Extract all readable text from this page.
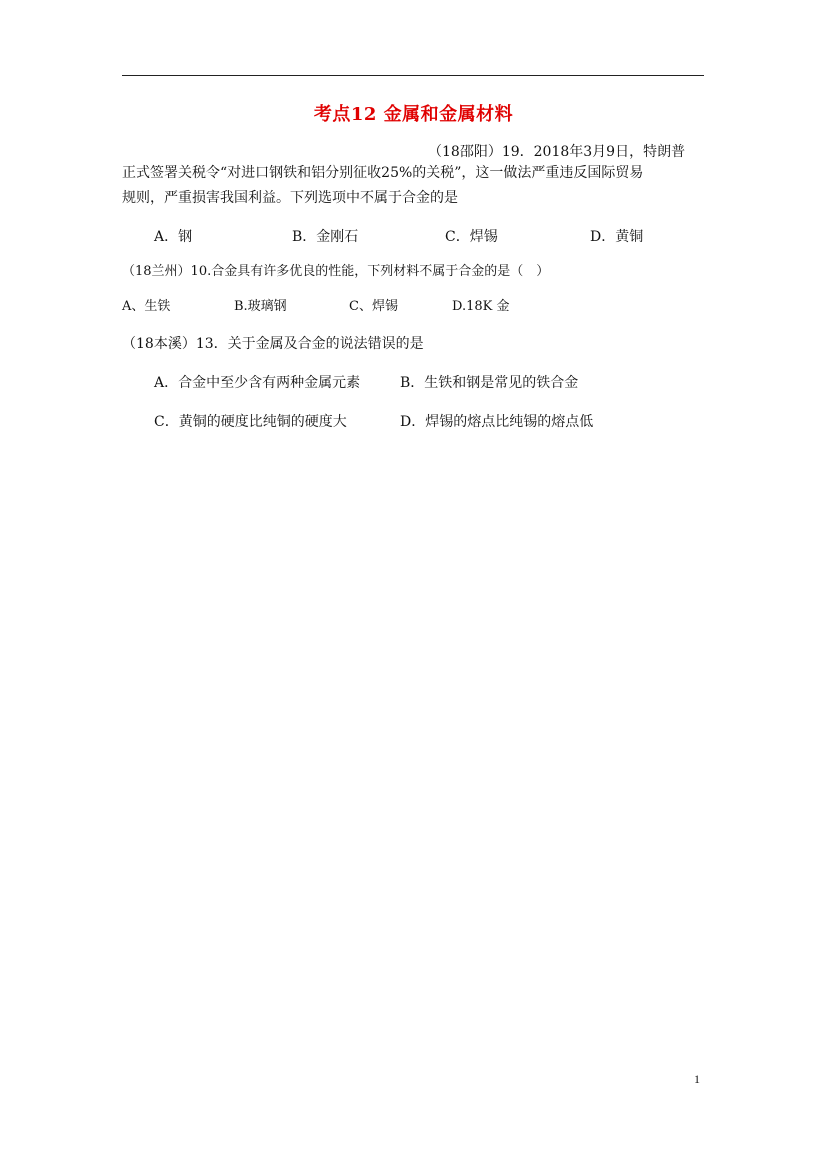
考点12 金属和金属材料
（18邵阳）19．2018年3月9日，特朗普
正式签署关税令“对进口钢铁和铝分别征收25%的关税”，这一做法严重违反国际贸易
规则，严重损害我国利益。下列选项中不属于合金的是
A．钢	B．金刚石	C．焊锡	D．黄铜
（18兰州）10.合金具有许多优良的性能，下列材料不属于合金的是（　）
A、生铁	B.玻璃钢	C、焊锡	D.18K 金
（18本溪）13．关于金属及合金的说法错误的是
A．合金中至少含有两种金属元素	B．生铁和钢是常见的铁合金
C．黄铜的硬度比纯铜的硬度大	D．焊锡的熔点比纯锡的熔点低
1
